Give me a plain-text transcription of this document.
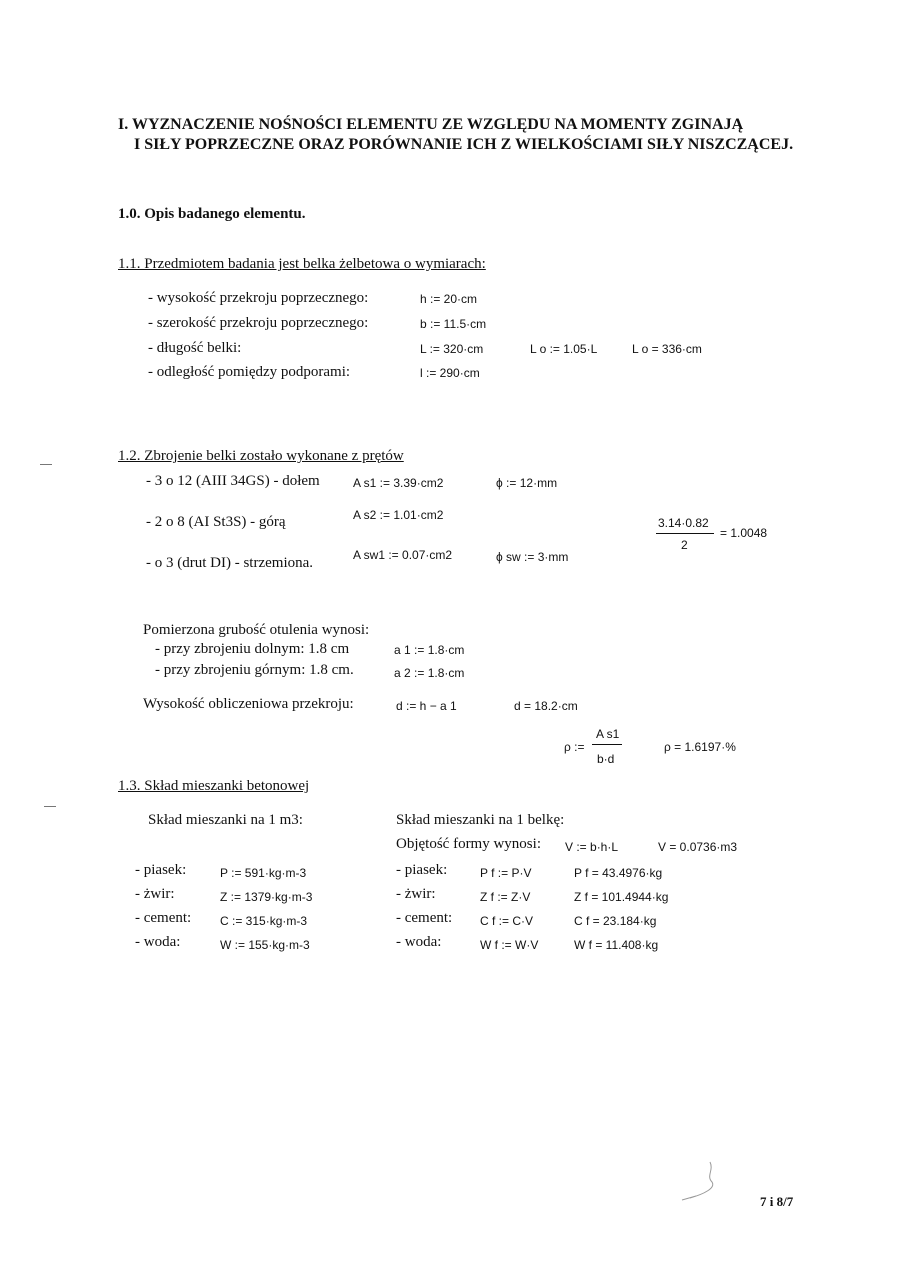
I. WYZNACZENIE NOŚNOŚCI ELEMENTU ZE WZGLĘDU NA MOMENTY ZGINAJĄ
I SIŁY POPRZECZNE ORAZ PORÓWNANIE ICH Z WIELKOŚCIAMI SIŁY NISZCZĄCEJ.
1.0. Opis badanego elementu.
1.1. Przedmiotem badania jest belka żelbetowa o wymiarach:
- wysokość przekroju poprzecznego:	h := 20·cm
- szerokość przekroju poprzecznego:	b := 11.5·cm
- długość belki:	L := 320·cm	L o := 1.05·L	L o = 336·cm
- odległość pomiędzy podporami:	l := 290·cm
1.2. Zbrojenie belki zostało wykonane z prętów
- 3 o 12 (AIII 34GS) - dołem	A s1 := 3.39·cm2	ϕ := 12·mm
- 2 o 8 (AI St3S) - górą	A s2 := 1.01·cm2
3.14·0.82
2
= 1.0048
- o 3 (drut DI) - strzemiona.	A sw1 := 0.07·cm2	ϕ sw := 3·mm
Pomierzona grubość otulenia wynosi:
- przy zbrojeniu dolnym: 1.8 cm	a 1 := 1.8·cm
- przy zbrojeniu górnym: 1.8 cm.	a 2 := 1.8·cm
Wysokość obliczeniowa przekroju:	d := h − a 1	d = 18.2·cm
ρ :=
A s1
b·d
ρ = 1.6197·%
1.3. Skład mieszanki betonowej
Skład mieszanki na 1 m3:	Skład mieszanki na 1 belkę:
Objętość formy wynosi: V := b·h·L	V = 0.0736·m3
- piasek:	P := 591·kg·m-3
- żwir:	Z := 1379·kg·m-3
- cement: C := 315·kg·m-3
- woda:	W := 155·kg·m-3
- piasek:	P f := P·V	P f = 43.4976·kg
- żwir:	Z f := Z·V	Z f = 101.4944·kg
- cement: C f := C·V	C f = 23.184·kg
- woda:	W f := W·V	W f = 11.408·kg
7 i 8/7
